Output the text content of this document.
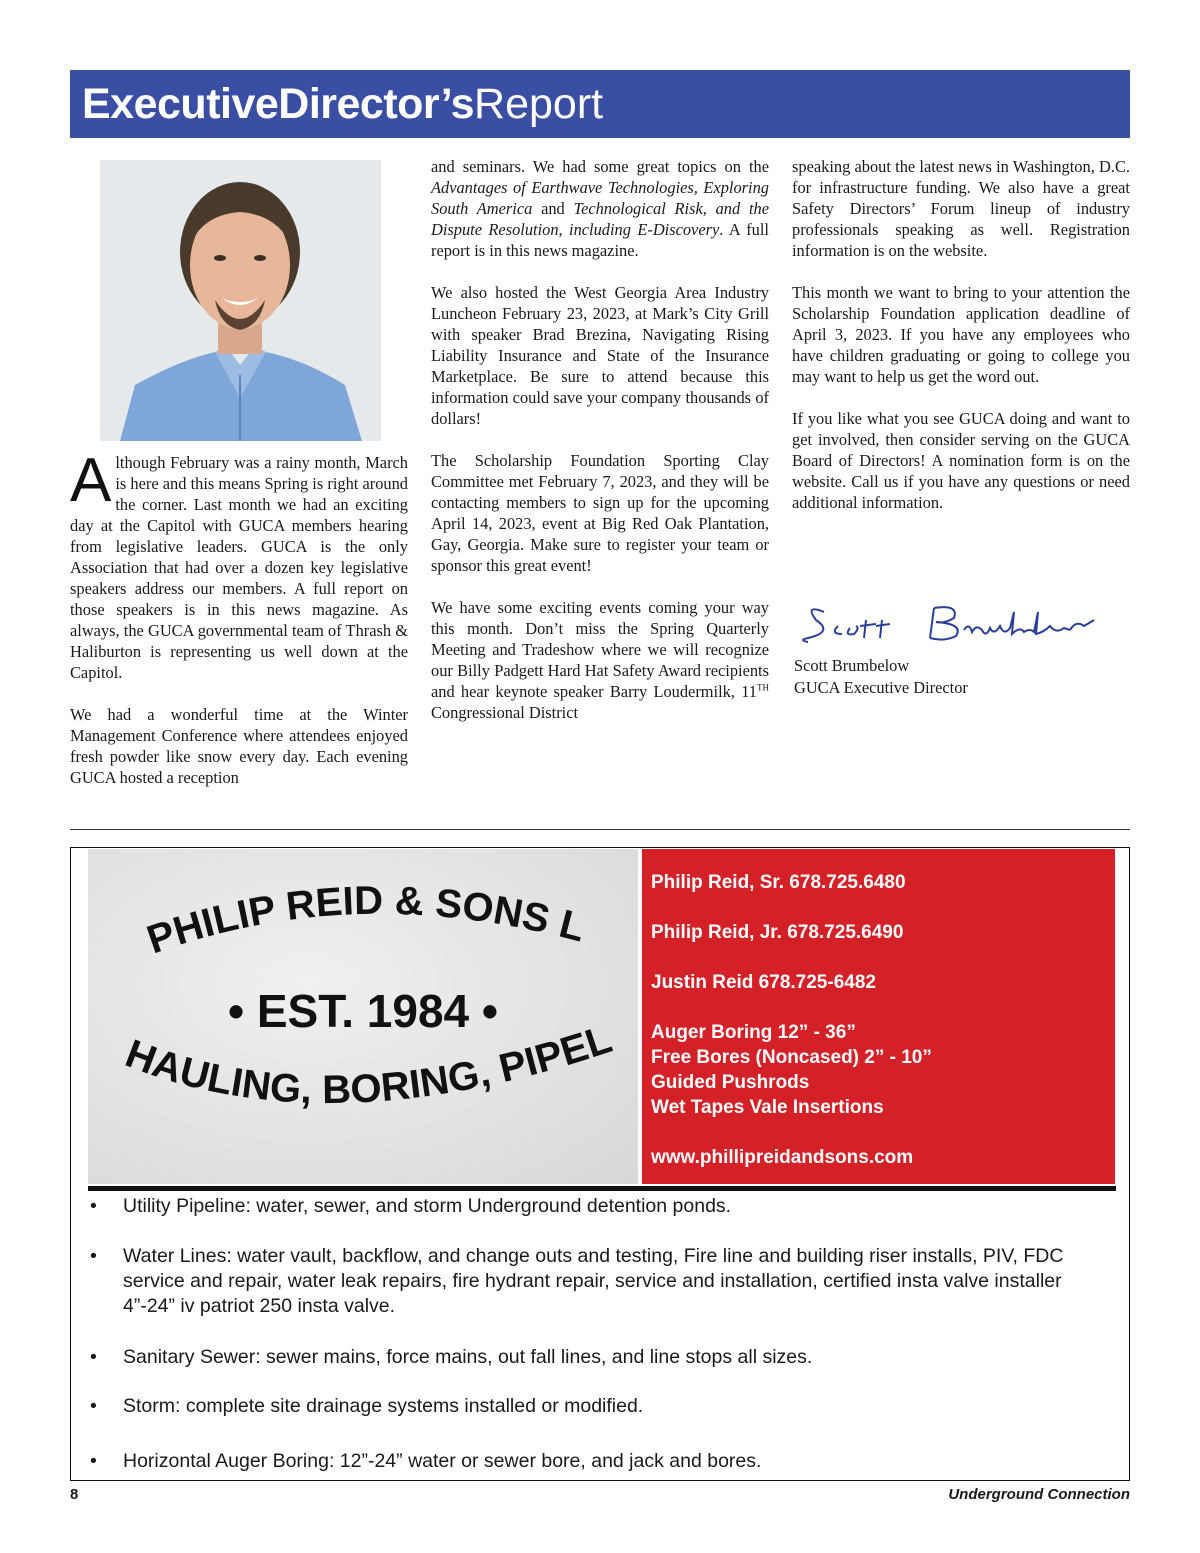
ExecutiveDirector’sReport

Although February was a rainy month, March is here and this means Spring is right around the corner. Last month we had an exciting day at the Capitol with GUCA members hearing from legislative leaders. GUCA is the only Association that had over a dozen key legislative speakers address our members. A full report on those speakers is in this news magazine. As always, the GUCA governmental team of Thrash & Haliburton is representing us well down at the Capitol.

We had a wonderful time at the Winter Management Conference where attendees enjoyed fresh powder like snow every day. Each evening GUCA hosted a reception

and seminars. We had some great topics on the Advantages of Earthwave Technologies, Exploring South America and Technological Risk, and the Dispute Resolution, including E-Discovery. A full report is in this news magazine.

We also hosted the West Georgia Area Industry Luncheon February 23, 2023, at Mark’s City Grill with speaker Brad Brezina, Navigating Rising Liability Insurance and State of the Insurance Marketplace. Be sure to attend because this information could save your company thousands of dollars!

The Scholarship Foundation Sporting Clay Committee met February 7, 2023, and they will be contacting members to sign up for the upcoming April 14, 2023, event at Big Red Oak Plantation, Gay, Georgia. Make sure to register your team or sponsor this great event!

We have some exciting events coming your way this month. Don’t miss the Spring Quarterly Meeting and Tradeshow where we will recognize our Billy Padgett Hard Hat Safety Award recipients and hear keynote speaker Barry Loudermilk, 11TH Congressional District

speaking about the latest news in Washington, D.C. for infrastructure funding. We also have a great Safety Directors’ Forum lineup of industry professionals speaking as well. Registration information is on the website.

This month we want to bring to your attention the Scholarship Foundation application deadline of April 3, 2023. If you have any employees who have children graduating or going to college you may want to help us get the word out.

If you like what you see GUCA doing and want to get involved, then consider serving on the GUCA Board of Directors! A nomination form is on the website. Call us if you have any questions or need additional information.

Scott Brumbelow
GUCA Executive Director
PHILIP REID & SONS L
• EST. 1984 •
HAULING, BORING, PIPEL
Philip Reid, Sr. 678.725.6480
Philip Reid, Jr. 678.725.6490
Justin Reid 678.725-6482
Auger Boring 12” - 36”
Free Bores (Noncased) 2” - 10”
Guided Pushrods
Wet Tapes Vale Insertions
www.phillipreidandsons.com
• Utility Pipeline: water, sewer, and storm Underground detention ponds.
• Water Lines: water vault, backflow, and change outs and testing, Fire line and building riser installs, PIV, FDC service and repair, water leak repairs, fire hydrant repair, service and installation, certified insta valve installer 4”-24” iv patriot 250 insta valve.
• Sanitary Sewer: sewer mains, force mains, out fall lines, and line stops all sizes.
• Storm: complete site drainage systems installed or modified.
• Horizontal Auger Boring: 12”-24” water or sewer bore, and jack and bores.
8	Underground Connection
